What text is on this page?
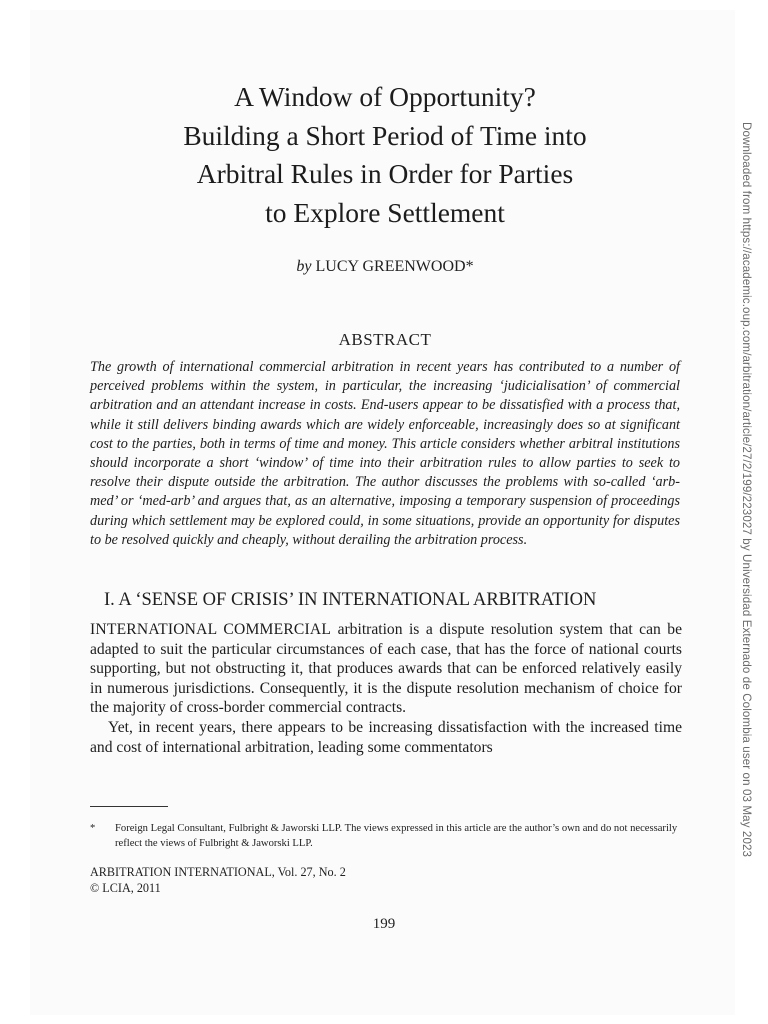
A Window of Opportunity?
Building a Short Period of Time into
Arbitral Rules in Order for Parties
to Explore Settlement
by LUCY GREENWOOD*
ABSTRACT
The growth of international commercial arbitration in recent years has contributed to a number of perceived problems within the system, in particular, the increasing ‘judicialisation’ of commercial arbitration and an attendant increase in costs. End-users appear to be dissatisfied with a process that, while it still delivers binding awards which are widely enforceable, increasingly does so at significant cost to the parties, both in terms of time and money. This article considers whether arbitral institutions should incorporate a short ‘window’ of time into their arbitration rules to allow parties to seek to resolve their dispute outside the arbitration. The author discusses the problems with so-called ‘arb-med’ or ‘med-arb’ and argues that, as an alternative, imposing a temporary suspension of proceedings during which settlement may be explored could, in some situations, provide an opportunity for disputes to be resolved quickly and cheaply, without derailing the arbitration process.
I. A ‘SENSE OF CRISIS’ IN INTERNATIONAL ARBITRATION

INTERNATIONAL COMMERCIAL arbitration is a dispute resolution system that can be adapted to suit the particular circumstances of each case, that has the force of national courts supporting, but not obstructing it, that produces awards that can be enforced relatively easily in numerous jurisdictions. Consequently, it is the dispute resolution mechanism of choice for the majority of cross-border commercial contracts.

Yet, in recent years, there appears to be increasing dissatisfaction with the increased time and cost of international arbitration, leading some commentators

*	Foreign Legal Consultant, Fulbright & Jaworski LLP. The views expressed in this article are the author’s own and do not necessarily reflect the views of Fulbright & Jaworski LLP.
ARBITRATION INTERNATIONAL, Vol. 27, No. 2
© LCIA, 2011
199
Downloaded from https://academic.oup.com/arbitration/article/27/2/199/223027 by Universidad Externado de Colombia user on 03 May 2023
